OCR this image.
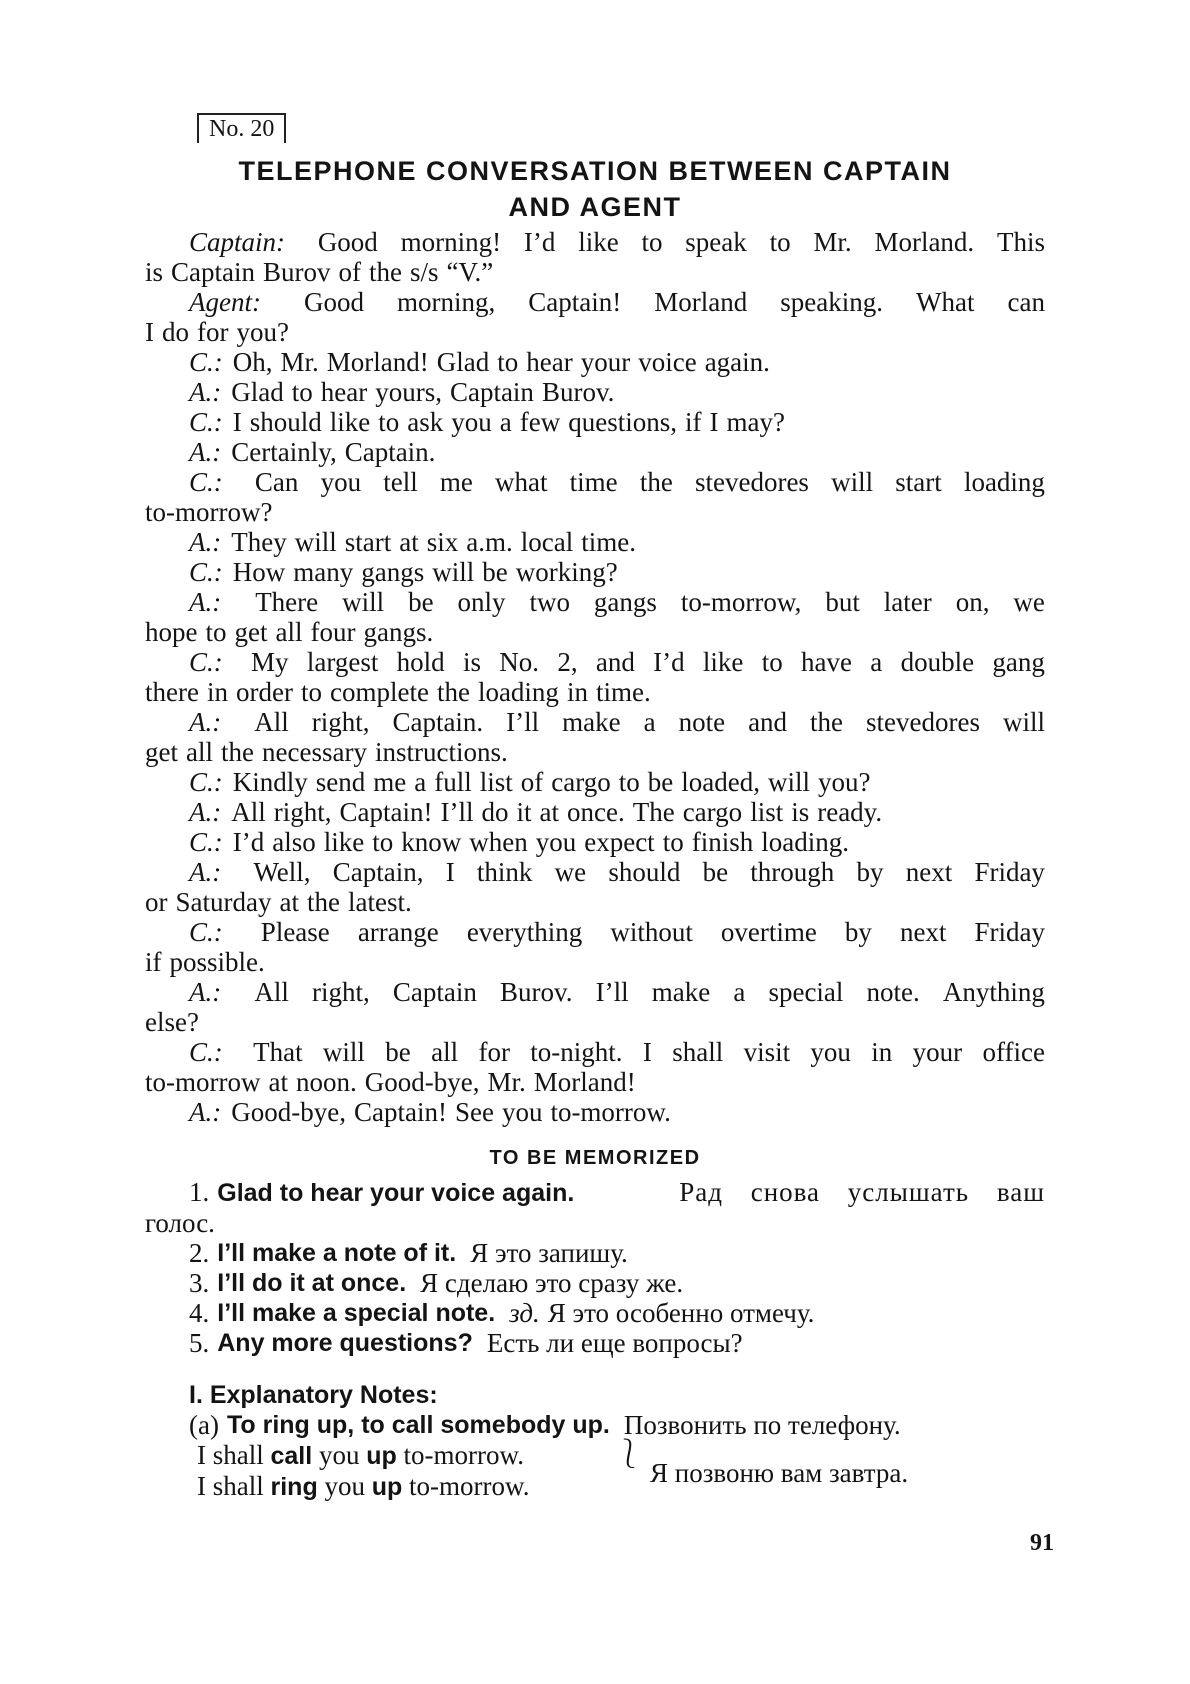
No. 20
TELEPHONE CONVERSATION BETWEEN CAPTAIN
AND AGENT
Captain: Good morning! I’d like to speak to Mr. Morland. This
is Captain Burov of the s/s “V.”
Agent: Good morning, Captain! Morland speaking. What can
I do for you?
C.: Oh, Mr. Morland! Glad to hear your voice again.
A.: Glad to hear yours, Captain Burov.
C.: I should like to ask you a few questions, if I may?
A.: Certainly, Captain.
C.: Can you tell me what time the stevedores will start loading
to-morrow?
A.: They will start at six a.m. local time.
C.: How many gangs will be working?
A.: There will be only two gangs to-morrow, but later on, we
hope to get all four gangs.
C.: My largest hold is No. 2, and I’d like to have a double gang
there in order to complete the loading in time.
A.: All right, Captain. I’ll make a note and the stevedores will
get all the necessary instructions.
C.: Kindly send me a full list of cargo to be loaded, will you?
A.: All right, Captain! I’ll do it at once. The cargo list is ready.
C.: I’d also like to know when you expect to finish loading.
A.: Well, Captain, I think we should be through by next Friday
or Saturday at the latest.
C.: Please arrange everything without overtime by next Friday
if possible.
A.: All right, Captain Burov. I’ll make a special note. Anything
else?
C.: That will be all for to-night. I shall visit you in your office
to-morrow at noon. Good-bye, Mr. Morland!
A.: Good-bye, Captain! See you to-morrow.
TO BE MEMORIZED
1. Glad to hear your voice again.	Рад снова услышать ваш
голос.
2. I’ll make a note of it. Я это запишу.
3. I’ll do it at once. Я сделаю это сразу же.
4. I’ll make a special note. зд. Я это особенно отмечу.
5. Any more questions? Есть ли еще вопросы?
I. Explanatory Notes:
(a) To ring up, to call somebody up. Позвонить по телефону.
I shall call you up to-morrow.
I shall ring you up to-morrow.
⎱
Я позвоню вам завтра.
91
